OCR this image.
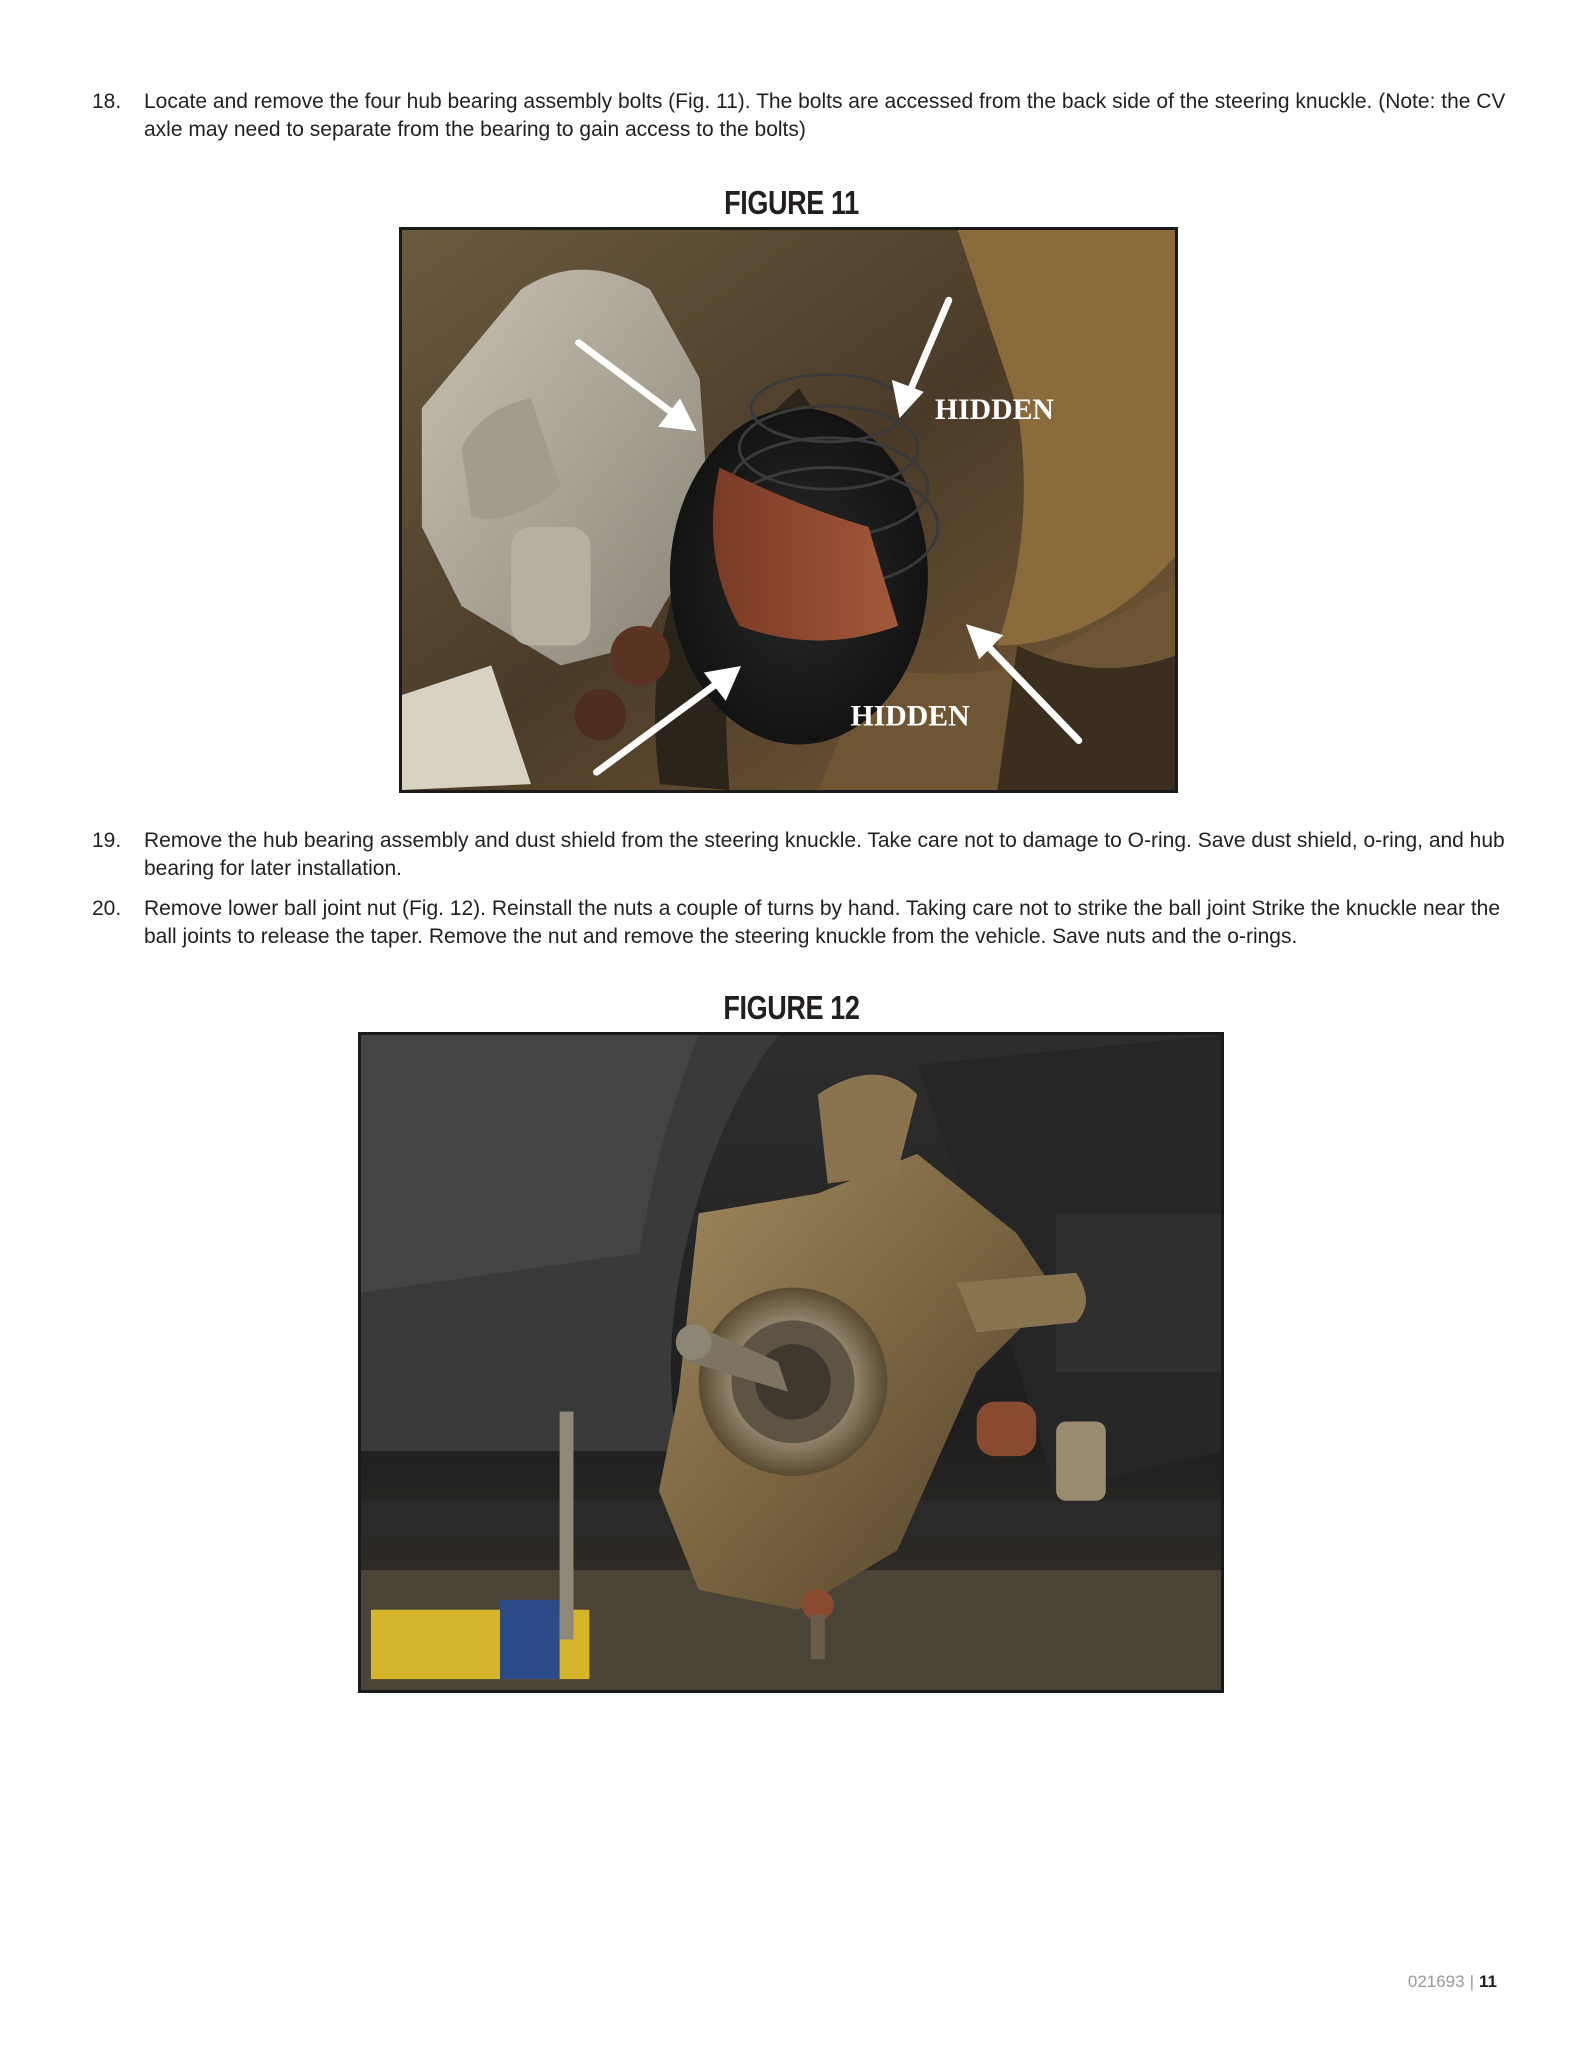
18.	Locate and remove the four hub bearing assembly bolts (Fig. 11). The bolts are accessed from the back side of the steering knuckle. (Note: the CV axle may need to separate from the bearing to gain access to the bolts)
FIGURE 11
HIDDEN
HIDDEN
19.	Remove the hub bearing assembly and dust shield from the steering knuckle. Take care not to damage to O-ring. Save dust shield, o-ring, and hub bearing for later installation.
20.	Remove lower ball joint nut (Fig. 12). Reinstall the nuts a couple of turns by hand. Taking care not to strike the ball joint Strike the knuckle near the ball joints to release the taper. Remove the nut and remove the steering knuckle from the vehicle. Save nuts and the o-rings.
FIGURE 12
021693 | 11
